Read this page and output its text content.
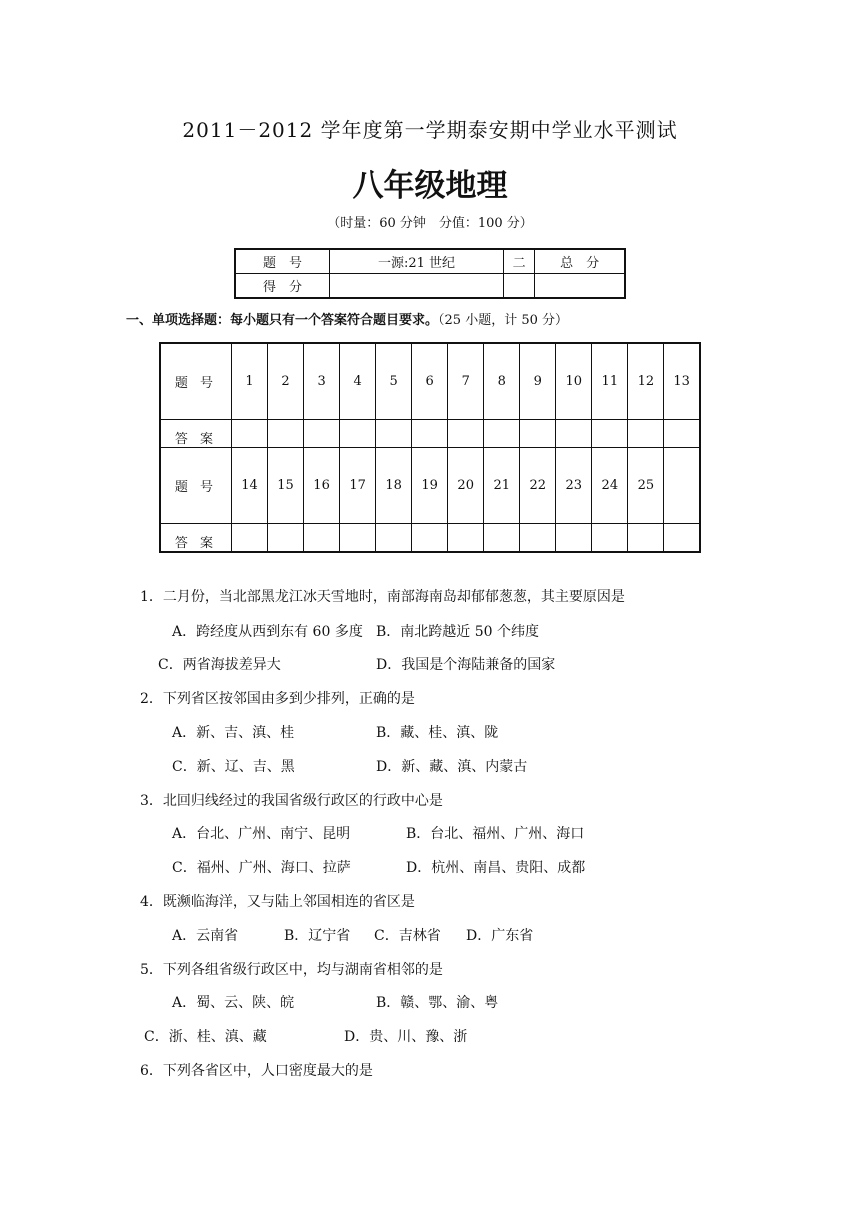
2011－2012 学年度第一学期泰安期中学业水平测试
八年级地理
（时量：60 分钟　分值：100 分）
题　号	一源:21 世纪	二	总　分
得　分			
一、单项选择题：每小题只有一个答案符合题目要求。（25 小题，计 50 分）
题 号	1	2	3	4	5	6	7	8	9	10	11	12	13
答 案													
题 号	14	15	16	17	18	19	20	21	22	23	24	25	
答 案													
1．二月份，当北部黑龙江冰天雪地时，南部海南岛却郁郁葱葱，其主要原因是
A．跨经度从西到东有 60 多度 B．南北跨越近 50 个纬度
C．两省海拔差异大	D．我国是个海陆兼备的国家
2．下列省区按邻国由多到少排列，正确的是
A．新、吉、滇、桂	B．藏、桂、滇、陇
C．新、辽、吉、黑	D．新、藏、滇、内蒙古
3．北回归线经过的我国省级行政区的行政中心是
A．台北、广州、南宁、昆明	B．台北、福州、广州、海口
C．福州、广州、海口、拉萨	D．杭州、南昌、贵阳、成都
4．既濒临海洋，又与陆上邻国相连的省区是
A．云南省	B．辽宁省 C．吉林省 D．广东省
5．下列各组省级行政区中，均与湖南省相邻的是
A．蜀、云、陕、皖	B．赣、鄂、渝、粤
C．浙、桂、滇、藏	D．贵、川、豫、浙
6．下列各省区中，人口密度最大的是
